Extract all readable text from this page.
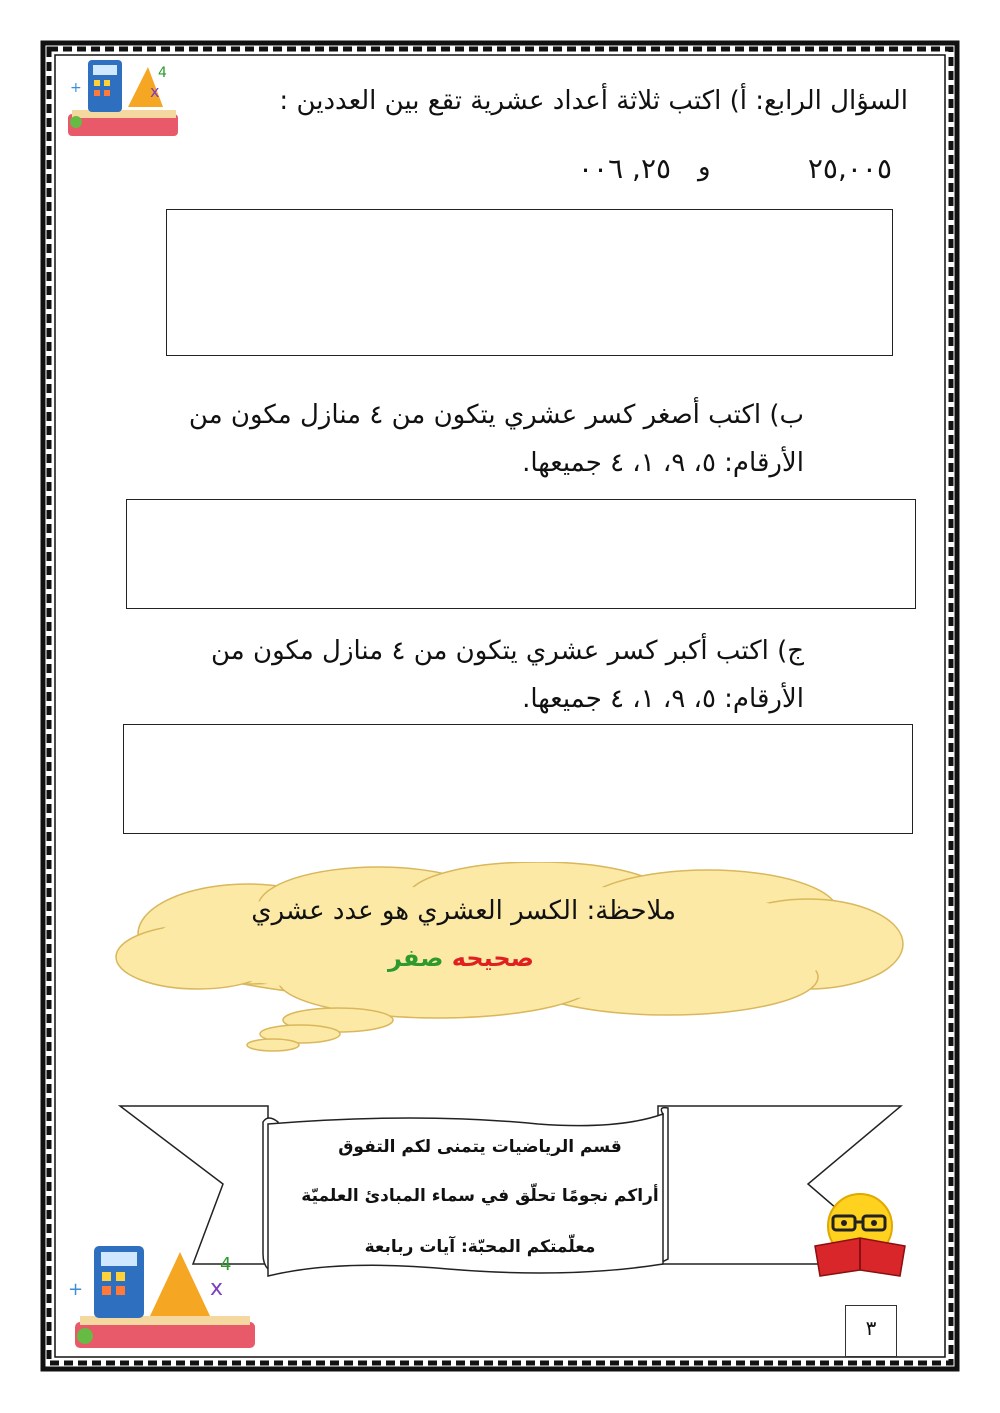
x
4
+	السؤال الرابع: أ) اكتب ثلاثة أعداد عشرية تقع بين العددين :
٢٥,٠٠٥
و
٢٥, ٠٠٦
ب) اكتب أصغر كسر عشري يتكون من ٤ منازل مكون من
الأرقام: ٥، ٩، ١، ٤ جميعها.
ج) اكتب أكبر كسر عشري يتكون من ٤ منازل مكون من
الأرقام: ٥، ٩، ١، ٤ جميعها.
ملاحظة: الكسر العشري هو عدد عشري
صحيحه صفر
قسم الرياضيات يتمنى لكم التفوق
أراكم نجومًا تحلّق في سماء المبادئ العلميّة
معلّمتكم المحبّة: آيات ربابعة
x
4
+
٣
